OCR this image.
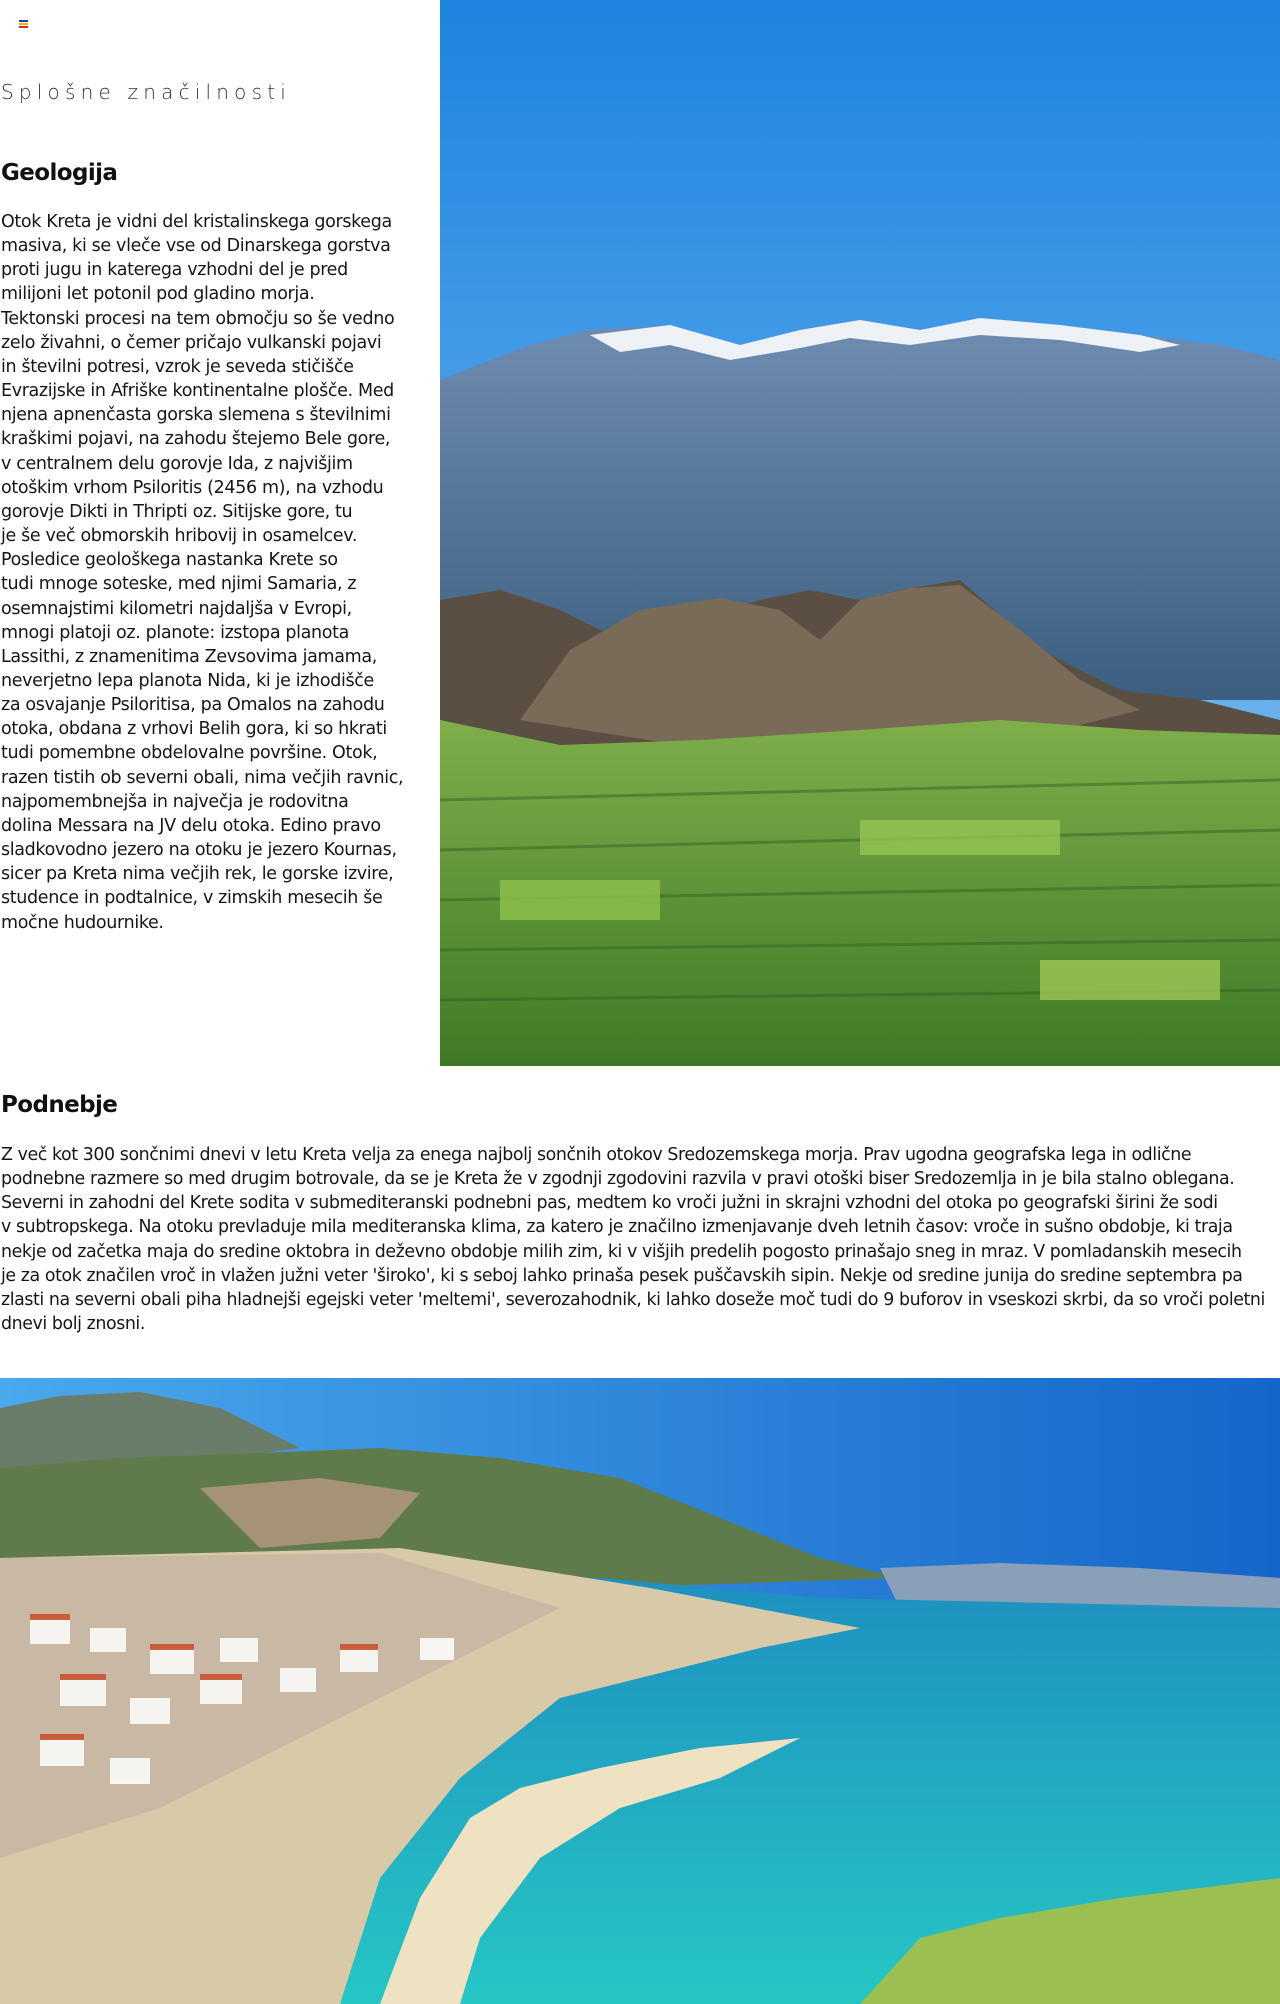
Splošne značilnosti

Geologija

Otok Kreta je vidni del kristalinskega gorskega
masiva, ki se vleče vse od Dinarskega gorstva
proti jugu in katerega vzhodni del je pred
milijoni let potonil pod gladino morja.
Tektonski procesi na tem območju so še vedno
zelo živahni, o čemer pričajo vulkanski pojavi
in številni potresi, vzrok je seveda stičišče
Evrazijske in Afriške kontinentalne plošče. Med
njena apnenčasta gorska slemena s številnimi
kraškimi pojavi, na zahodu štejemo Bele gore,
v centralnem delu gorovje Ida, z najvišjim
otoškim vrhom Psiloritis (2456 m), na vzhodu
gorovje Dikti in Thripti oz. Sitijske gore, tu
je še več obmorskih hribovij in osamelcev.
Posledice geološkega nastanka Krete so
tudi mnoge soteske, med njimi Samaria, z
osemnajstimi kilometri najdaljša v Evropi,
mnogi platoji oz. planote: izstopa planota
Lassithi, z znamenitima Zevsovima jamama,
neverjetno lepa planota Nida, ki je izhodišče
za osvajanje Psiloritisa, pa Omalos na zahodu
otoka, obdana z vrhovi Belih gora, ki so hkrati
tudi pomembne obdelovalne površine. Otok,
razen tistih ob severni obali, nima večjih ravnic,
najpomembnejša in največja je rodovitna
dolina Messara na JV delu otoka. Edino pravo
sladkovodno jezero na otoku je jezero Kournas,
sicer pa Kreta nima večjih rek, le gorske izvire,
studence in podtalnice, v zimskih mesecih še
močne hudournike.

Podnebje

Z več kot 300 sončnimi dnevi v letu Kreta velja za enega najbolj sončnih otokov Sredozemskega morja. Prav ugodna geografska lega in odlične
podnebne razmere so med drugim botrovale, da se je Kreta že v zgodnji zgodovini razvila v pravi otoški biser Sredozemlja in je bila stalno oblegana.
Severni in zahodni del Krete sodita v submediteranski podnebni pas, medtem ko vroči južni in skrajni vzhodni del otoka po geografski širini že sodi
v subtropskega. Na otoku prevladuje mila mediteranska klima, za katero je značilno izmenjavanje dveh letnih časov: vroče in sušno obdobje, ki traja
nekje od začetka maja do sredine oktobra in deževno obdobje milih zim, ki v višjih predelih pogosto prinašajo sneg in mraz. V pomladanskih mesecih
je za otok značilen vroč in vlažen južni veter 'široko', ki s seboj lahko prinaša pesek puščavskih sipin. Nekje od sredine junija do sredine septembra pa
zlasti na severni obali piha hladnejši egejski veter 'meltemi', severozahodnik, ki lahko doseže moč tudi do 9 buforov in vseskozi skrbi, da so vroči poletni
dnevi bolj znosni.
